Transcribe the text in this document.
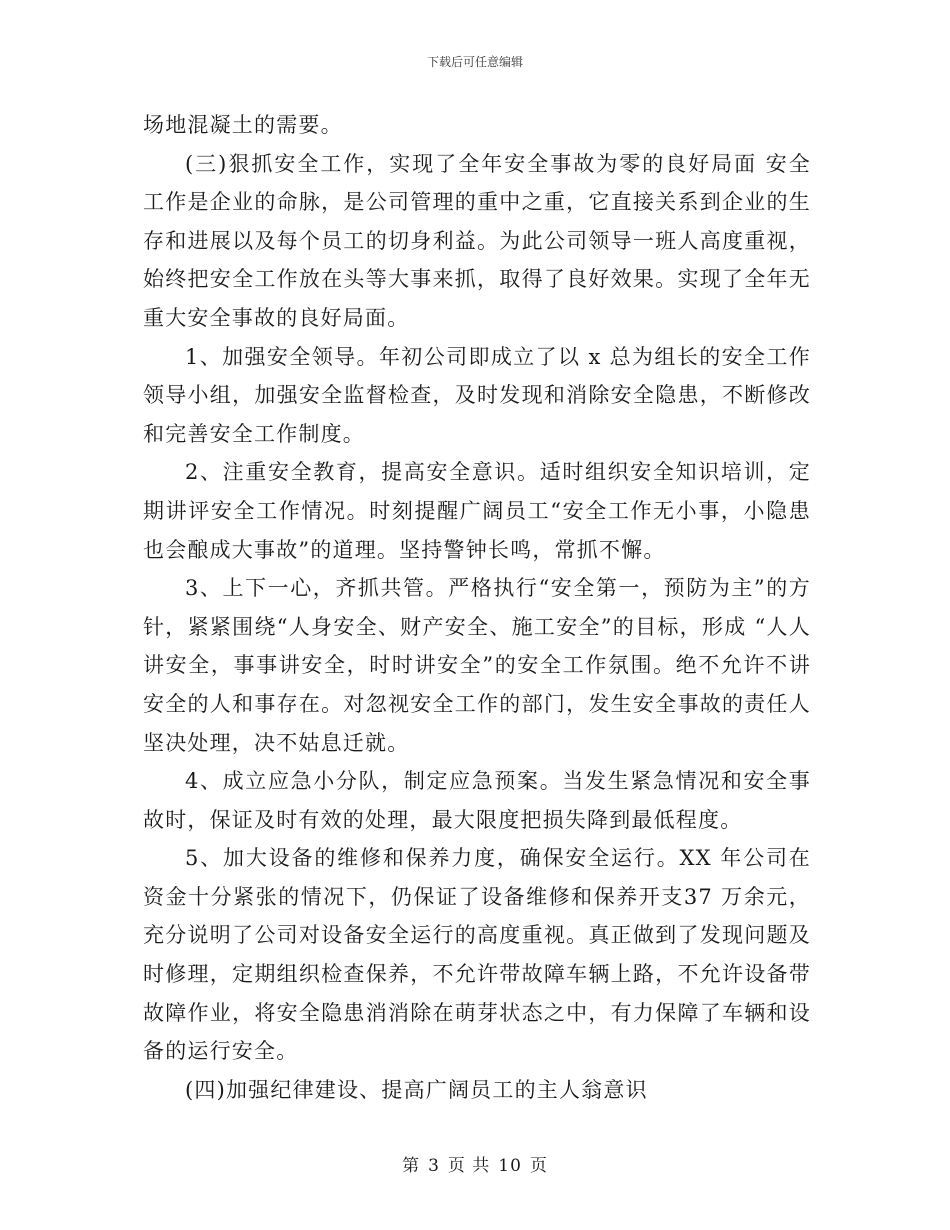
下载后可任意编辑

场地混凝土的需要。

(三)狠抓安全工作，实现了全年安全事故为零的良好局面 安全工作是企业的命脉，是公司管理的重中之重，它直接关系到企业的生存和进展以及每个员工的切身利益。为此公司领导一班人高度重视，始终把安全工作放在头等大事来抓，取得了良好效果。实现了全年无重大安全事故的良好局面。

1、加强安全领导。年初公司即成立了以 x 总为组长的安全工作领导小组，加强安全监督检查，及时发现和消除安全隐患，不断修改和完善安全工作制度。

2、注重安全教育，提高安全意识。适时组织安全知识培训，定期讲评安全工作情况。时刻提醒广阔员工“安全工作无小事，小隐患也会酿成大事故”的道理。坚持警钟长鸣，常抓不懈。

3、上下一心，齐抓共管。严格执行“安全第一，预防为主”的方针，紧紧围绕“人身安全、财产安全、施工安全”的目标，形成 “人人讲安全，事事讲安全，时时讲安全”的安全工作氛围。绝不允许不讲安全的人和事存在。对忽视安全工作的部门，发生安全事故的责任人坚决处理，决不姑息迁就。

4、成立应急小分队，制定应急预案。当发生紧急情况和安全事故时，保证及时有效的处理，最大限度把损失降到最低程度。

5、加大设备的维修和保养力度，确保安全运行。XX 年公司在资金十分紧张的情况下，仍保证了设备维修和保养开支37 万余元，充分说明了公司对设备安全运行的高度重视。真正做到了发现问题及时修理，定期组织检查保养，不允许带故障车辆上路，不允许设备带故障作业，将安全隐患消消除在萌芽状态之中，有力保障了车辆和设备的运行安全。

(四)加强纪律建设、提高广阔员工的主人翁意识

第 3 页 共 10 页
